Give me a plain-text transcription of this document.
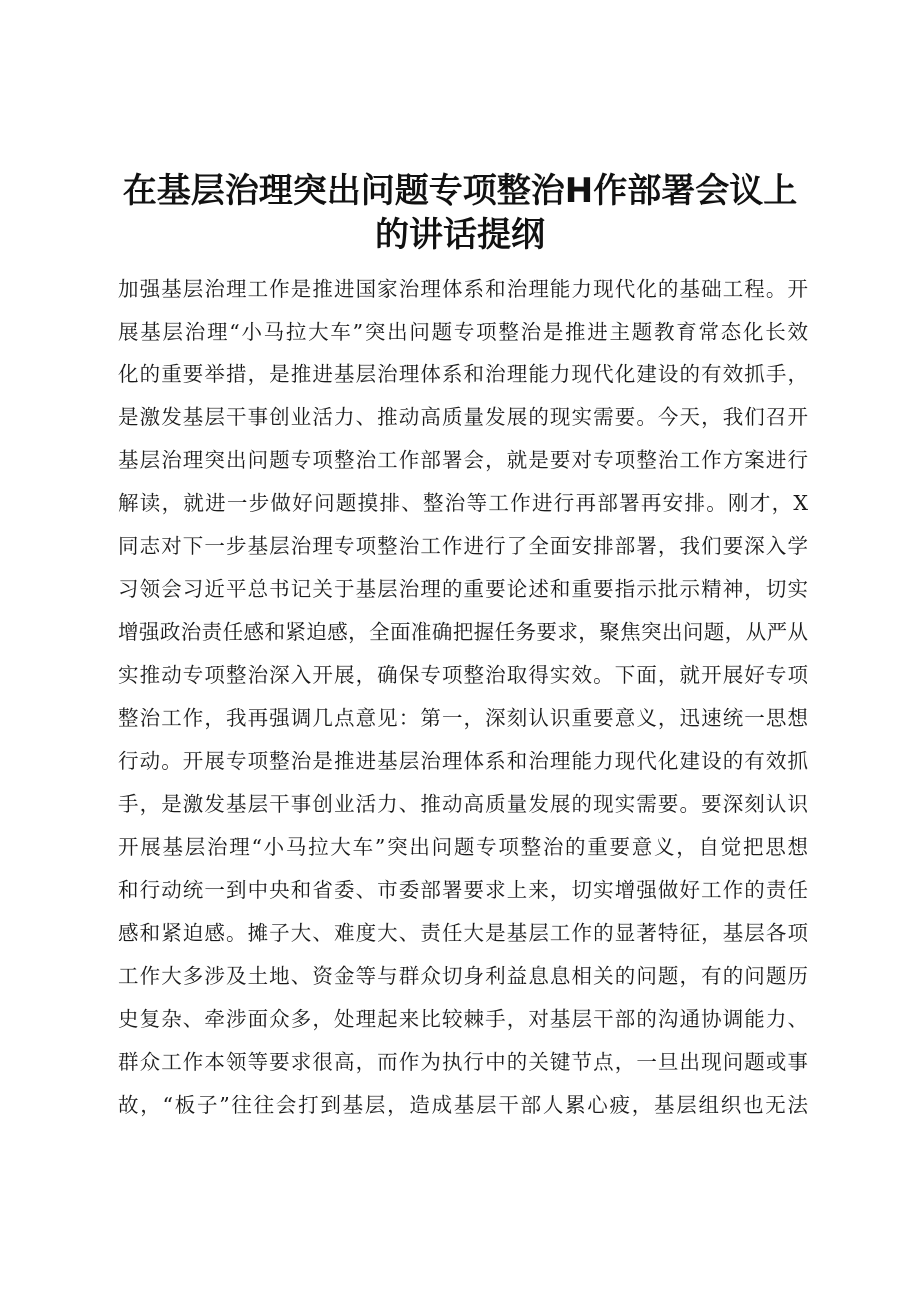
在基层治理突出问题专项整治H作部署会议上
的讲话提纲
加强基层治理工作是推进国家治理体系和治理能力现代化的基础工程。开
展基层治理“小马拉大车”突出问题专项整治是推进主题教育常态化长效
化的重要举措，是推进基层治理体系和治理能力现代化建设的有效抓手，
是激发基层干事创业活力、推动高质量发展的现实需要。今天，我们召开
基层治理突出问题专项整治工作部署会，就是要对专项整治工作方案进行
解读，就进一步做好问题摸排、整治等工作进行再部署再安排。刚才，X
同志对下一步基层治理专项整治工作进行了全面安排部署，我们要深入学
习领会习近平总书记关于基层治理的重要论述和重要指示批示精神，切实
增强政治责任感和紧迫感，全面准确把握任务要求，聚焦突出问题，从严从
实推动专项整治深入开展，确保专项整治取得实效。下面，就开展好专项
整治工作，我再强调几点意见：第一，深刻认识重要意义，迅速统一思想
行动。开展专项整治是推进基层治理体系和治理能力现代化建设的有效抓
手，是激发基层干事创业活力、推动高质量发展的现实需要。要深刻认识
开展基层治理“小马拉大车”突出问题专项整治的重要意义，自觉把思想
和行动统一到中央和省委、市委部署要求上来，切实增强做好工作的责任
感和紧迫感。摊子大、难度大、责任大是基层工作的显著特征，基层各项
工作大多涉及土地、资金等与群众切身利益息息相关的问题，有的问题历
史复杂、牵涉面众多，处理起来比较棘手，对基层干部的沟通协调能力、
群众工作本领等要求很高，而作为执行中的关键节点，一旦出现问题或事
故，“板子”往往会打到基层，造成基层干部人累心疲，基层组织也无法
